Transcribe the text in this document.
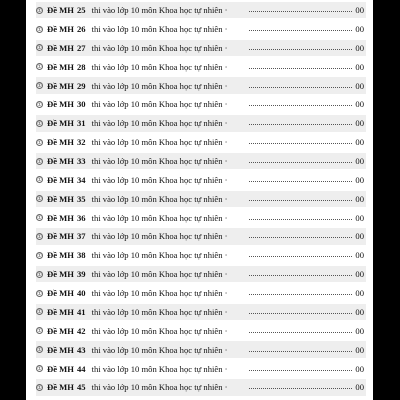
① Đề MH 25 thi vào lớp 10 môn Khoa học tự nhiên ·	00
① Đề MH 26 thi vào lớp 10 môn Khoa học tự nhiên ·	00
① Đề MH 27 thi vào lớp 10 môn Khoa học tự nhiên ·	00
① Đề MH 28 thi vào lớp 10 môn Khoa học tự nhiên ·	00
① Đề MH 29 thi vào lớp 10 môn Khoa học tự nhiên ·	00
① Đề MH 30 thi vào lớp 10 môn Khoa học tự nhiên ·	00
① Đề MH 31 thi vào lớp 10 môn Khoa học tự nhiên ·	00
① Đề MH 32 thi vào lớp 10 môn Khoa học tự nhiên ·	00
① Đề MH 33 thi vào lớp 10 môn Khoa học tự nhiên ·	00
① Đề MH 34 thi vào lớp 10 môn Khoa học tự nhiên ·	00
① Đề MH 35 thi vào lớp 10 môn Khoa học tự nhiên ·	00
① Đề MH 36 thi vào lớp 10 môn Khoa học tự nhiên ·	00
① Đề MH 37 thi vào lớp 10 môn Khoa học tự nhiên ·	00
① Đề MH 38 thi vào lớp 10 môn Khoa học tự nhiên ·	00
① Đề MH 39 thi vào lớp 10 môn Khoa học tự nhiên ·	00
① Đề MH 40 thi vào lớp 10 môn Khoa học tự nhiên ·	00
① Đề MH 41 thi vào lớp 10 môn Khoa học tự nhiên ·	00
① Đề MH 42 thi vào lớp 10 môn Khoa học tự nhiên ·	00
① Đề MH 43 thi vào lớp 10 môn Khoa học tự nhiên ·	00
① Đề MH 44 thi vào lớp 10 môn Khoa học tự nhiên ·	00
① Đề MH 45 thi vào lớp 10 môn Khoa học tự nhiên ·	00
